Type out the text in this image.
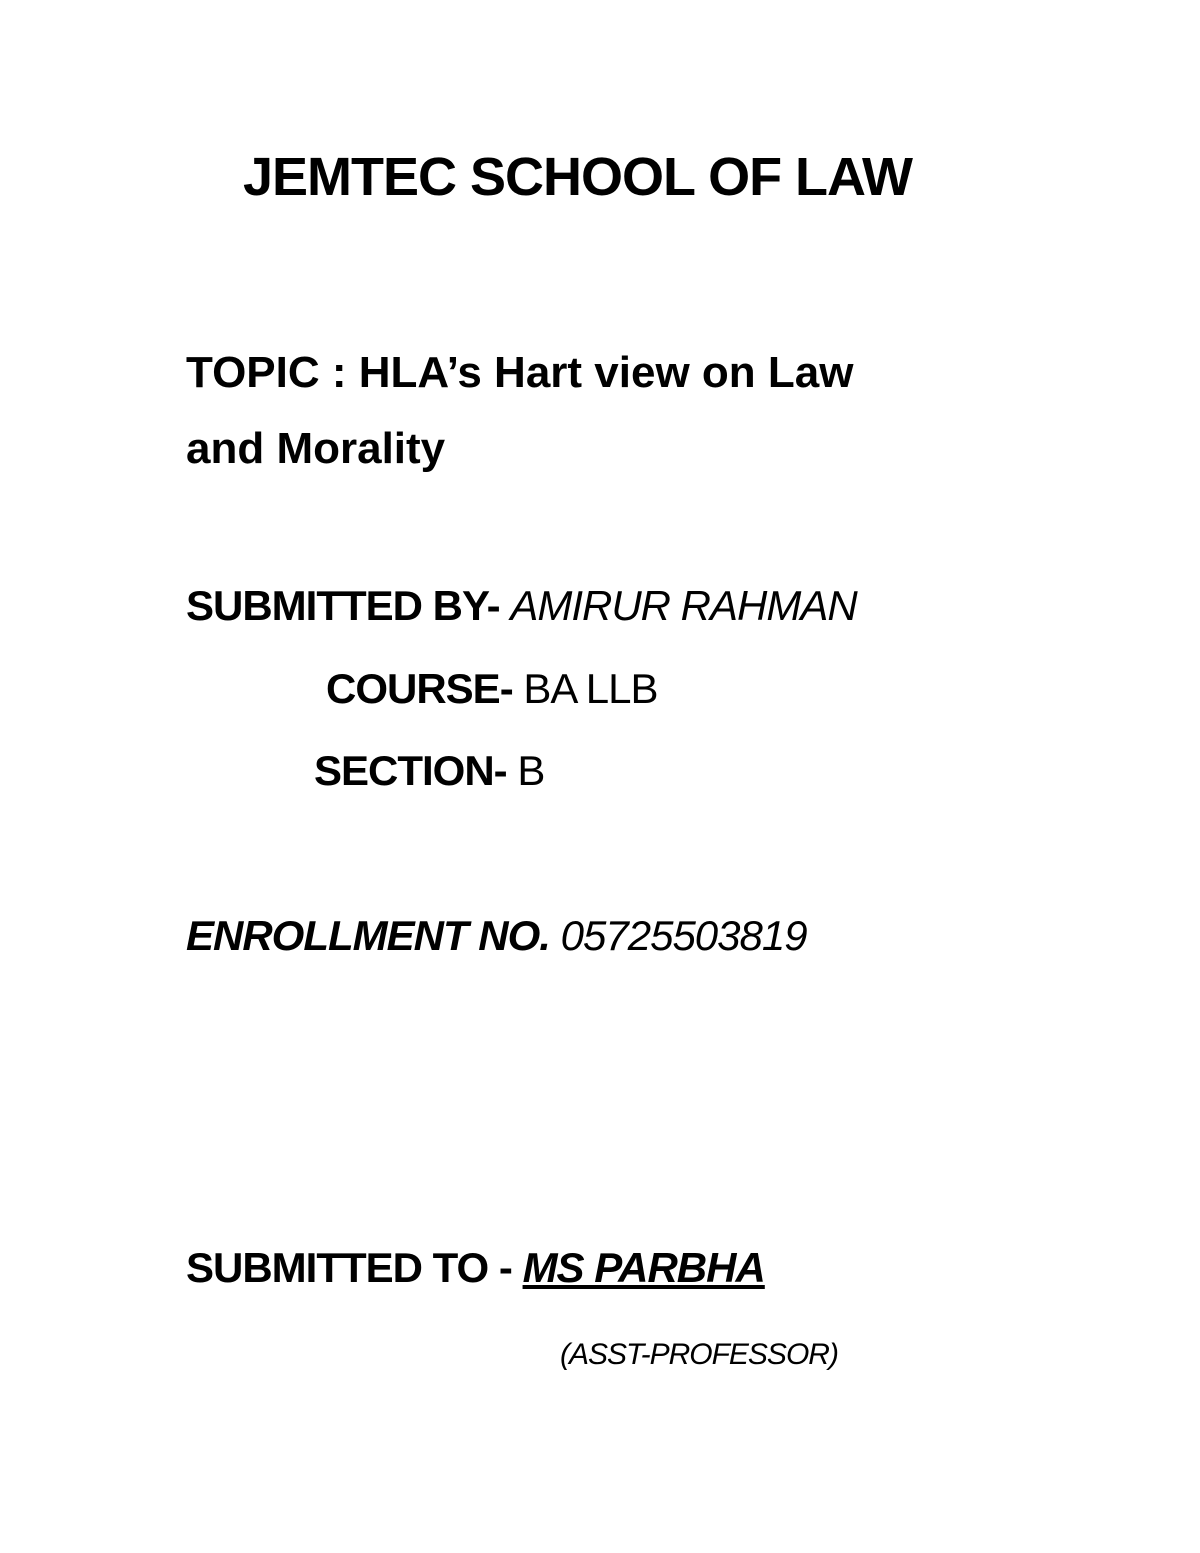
JEMTEC SCHOOL OF LAW
TOPIC : HLA’s Hart view on Law
and Morality
SUBMITTED BY- AMIRUR RAHMAN
COURSE- BA LLB
SECTION- B
ENROLLMENT NO. 05725503819
SUBMITTED TO - MS PARBHA
(ASST-PROFESSOR)
